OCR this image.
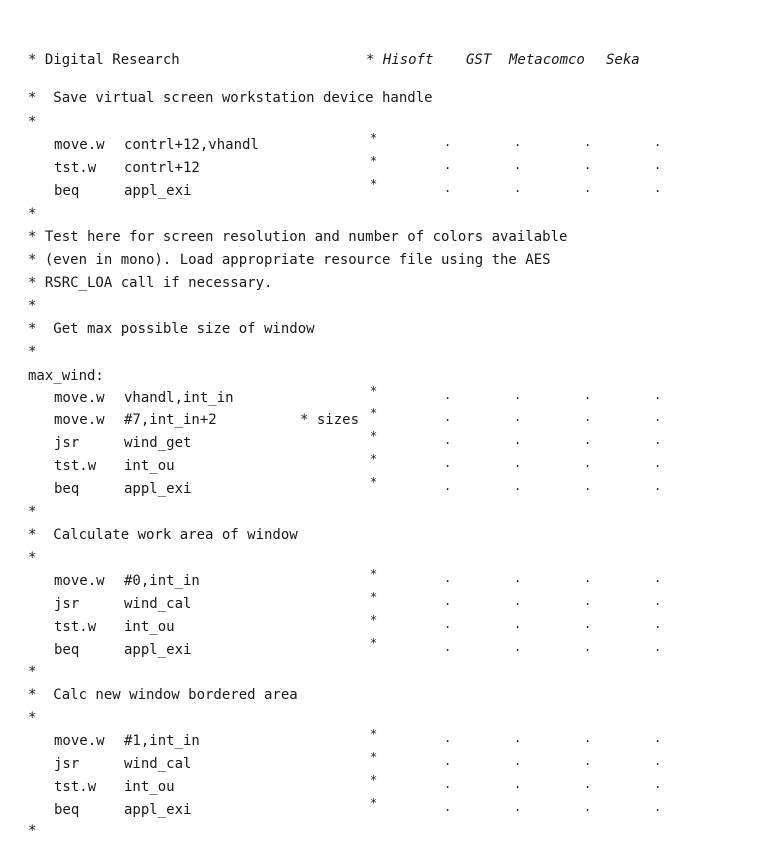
* Digital Research	* Hisoft GST Metacomco Seka
*  Save virtual screen workstation device handle
*
move.w contrl+12,vhandl	*	.	.	.	.
tst.w contrl+12	*	.	.	.	.
beq	appl_exi	*	.	.	.	.
*
* Test here for screen resolution and number of colors available
* (even in mono). Load appropriate resource file using the AES
* RSRC_LOA call if necessary.
*
*  Get max possible size of window
*
max_wind:
move.w vhandl,int_in	*	.	.	.	.
move.w #7,int_in+2	* sizes *	.	.	.	.
jsr	wind_get	*	.	.	.	.
tst.w int_ou	*	.	.	.	.
beq	appl_exi	*	.	.	.	.
*
*  Calculate work area of window
*
move.w #0,int_in	*	.	.	.	.
jsr	wind_cal	*	.	.	.	.
tst.w int_ou	*	.	.	.	.
beq	appl_exi	*	.	.	.	.
*
*  Calc new window bordered area
*
move.w #1,int_in	*	.	.	.	.
jsr	wind_cal	*	.	.	.	.
tst.w int_ou	*	.	.	.	.
beq	appl_exi	*	.	.	.	.
*
